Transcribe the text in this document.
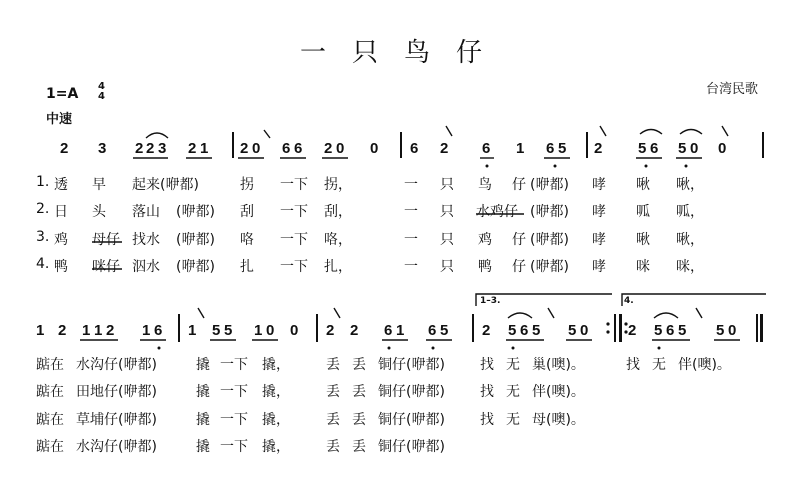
一只鸟仔
台湾民歌
1=A 4
4
中速
2 3 2 2 3 2 1 2 0 6 6 2 0 0 6 2 6 1 6 5 2 5 6 5 0 0
1. 透 早 起来(咿都)	拐 一下 拐，	一 只 鸟 仔 (咿都) 哮 啾 啾，
2. 日 头 落山 (咿都) 刮 一下 刮，	一 只 水鸡仔 (咿都) 哮 呱 呱，
3. 鸡 母仔 找水 (咿都) 咯 一下 咯，	一 只 鸡 仔 (咿都) 哮 啾 啾，
4. 鸭 咪仔 泅水 (咿都) 扎 一下 扎，	一 只 鸭 仔 (咿都) 哮 咪 咪，
1 2 1 1 2 1 6 1 5 5 1 0 0 2 2 6 1 6 5 2 5 6 5 5 0	2 5 6 5 5 0
1–3.	4.
踮在 水沟仔(咿都)	撬 一下 撬，	丢 丢 铜仔(咿都)	找 无 巢(噢)。	找 无 伴(噢)。
踮在 田地仔(咿都)	撬 一下 撬，	丢 丢 铜仔(咿都)	找 无 伴(噢)。
踮在 草埔仔(咿都)	撬 一下 撬，	丢 丢 铜仔(咿都)	找 无 母(噢)。
踮在 水沟仔(咿都)	撬 一下 撬，	丢 丢 铜仔(咿都)
